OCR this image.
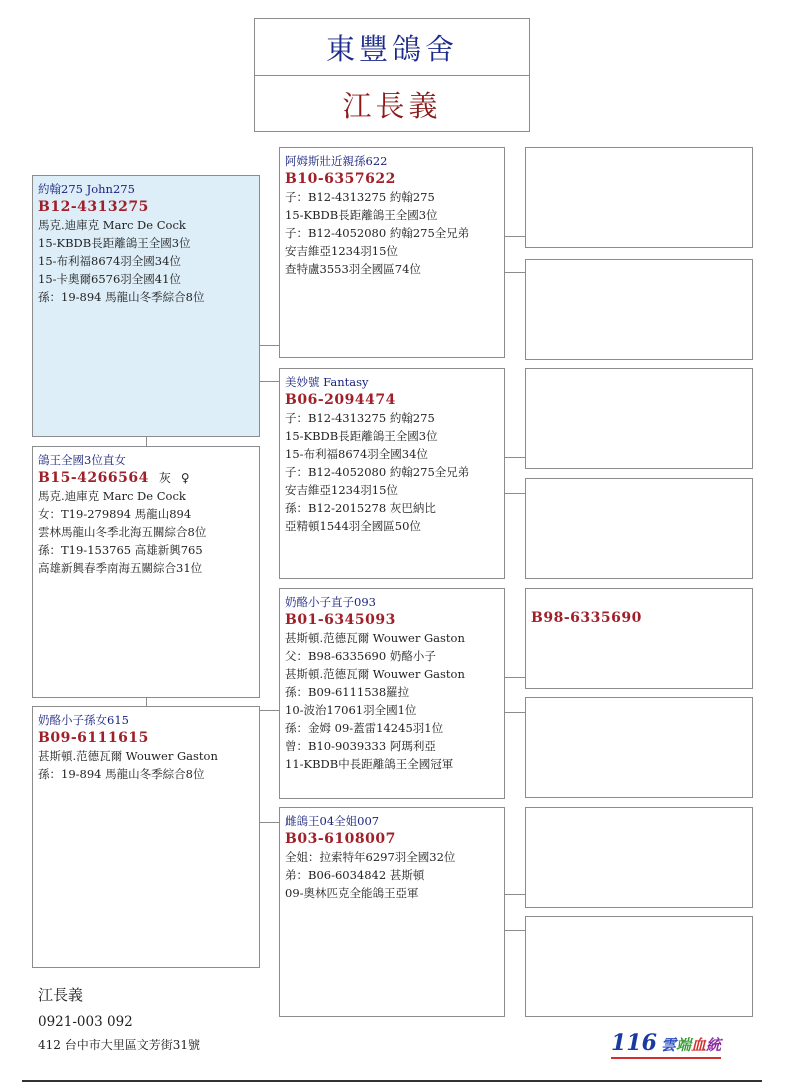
東豐鴿舍
江長義
約翰275 John275
B12-4313275
馬克.迪庫克 Marc De Cock
15-KBDB長距離鴿王全國3位
15-布利福8674羽全國34位
15-卡奧爾6576羽全國41位
孫：19-894 馬龍山冬季綜合8位
鴿王全國3位直女
B15-4266564 灰 ♀
馬克.迪庫克 Marc De Cock
女：T19-279894 馬龍山894
雲林馬龍山冬季北海五關綜合8位
孫：T19-153765 高雄新興765
高雄新興春季南海五關綜合31位
奶酪小子孫女615
B09-6111615
甚斯頓.范德瓦爾 Wouwer Gaston
孫：19-894 馬龍山冬季綜合8位
阿姆斯壯近親孫622
B10-6357622
子：B12-4313275 約翰275
15-KBDB長距離鴿王全國3位
子：B12-4052080 約翰275全兄弟
安吉維亞1234羽15位
查特盧3553羽全國區74位
美妙號 Fantasy
B06-2094474
子：B12-4313275 約翰275
15-KBDB長距離鴿王全國3位
15-布利福8674羽全國34位
子：B12-4052080 約翰275全兄弟
安吉維亞1234羽15位
孫：B12-2015278 灰巴納比
亞精頓1544羽全國區50位
奶酪小子直子093
B01-6345093
甚斯頓.范德瓦爾 Wouwer Gaston
父：B98-6335690 奶酪小子
甚斯頓.范德瓦爾 Wouwer Gaston
孫：B09-6111538羅拉
10-波治17061羽全國1位
孫：金姆 09-蓋雷14245羽1位
曾：B10-9039333 阿瑪利亞
11-KBDB中長距離鴿王全國冠軍
雌鴿王04全姐007
B03-6108007
全姐：拉索特年6297羽全國32位
弟：B06-6034842 甚斯頓
09-奧林匹克全能鴿王亞軍
B98-6335690
江長義
0921-003 092
412 台中市大里區文芳街31號	116 雲端血統
